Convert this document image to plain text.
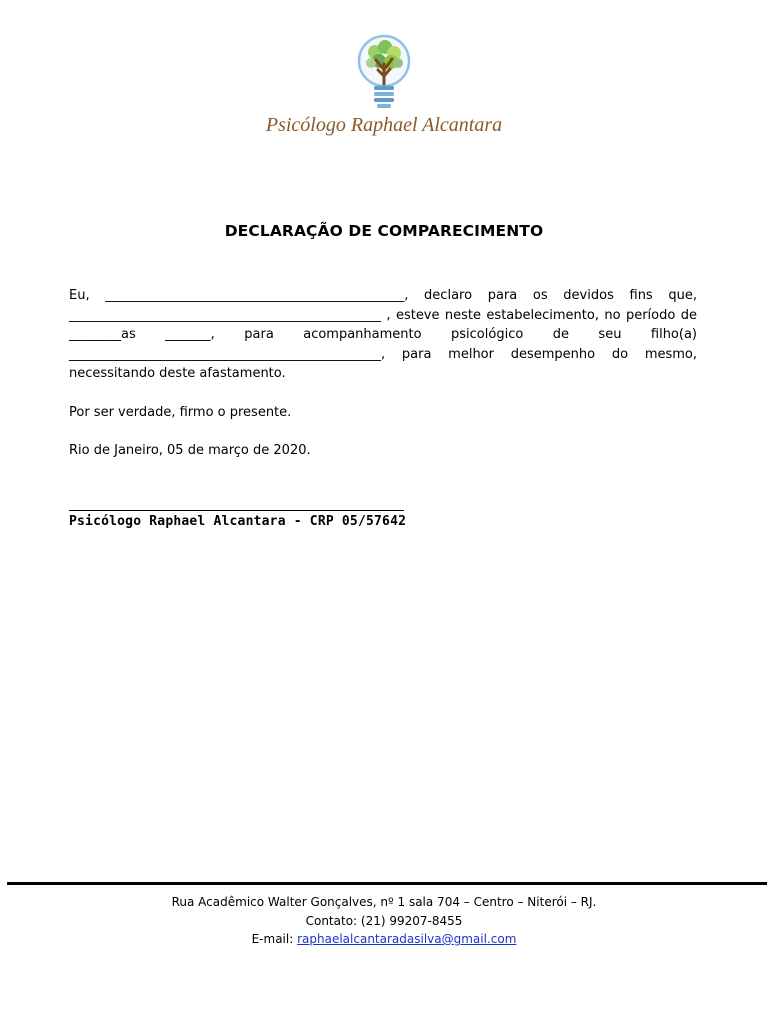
Psicólogo Raphael Alcantara
DECLARAÇÃO DE COMPARECIMENTO

Eu, ______________________________________________, declaro para os devidos fins que, ________________________________________________ , esteve neste estabelecimento, no período de ________as _______, para acompanhamento psicológico de seu filho(a) ________________________________________________, para melhor desempenho do mesmo, necessitando deste afastamento.

Por ser verdade, firmo o presente.

Rio de Janeiro, 05 de março de 2020.

Psicólogo Raphael Alcantara - CRP 05/57642
Rua Acadêmico Walter Gonçalves, nº 1 sala 704 – Centro – Niterói – RJ.
Contato: (21) 99207-8455
E-mail: raphaelalcantaradasilva@gmail.com
